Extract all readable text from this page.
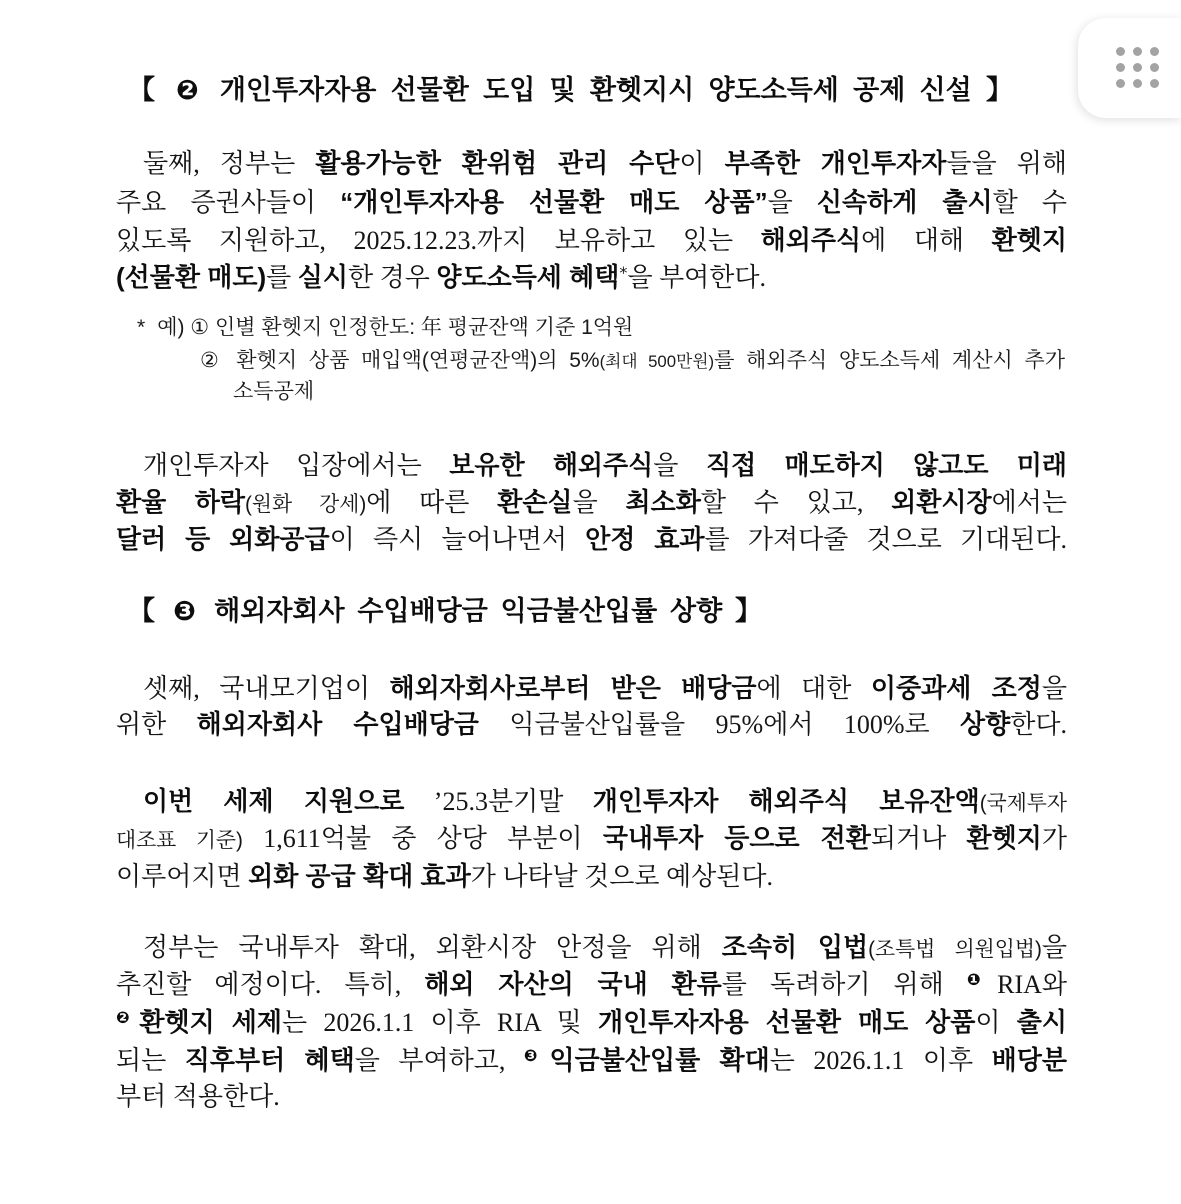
【 ❷ 개인투자자용 선물환 도입 및 환헷지시 양도소득세 공제 신설 】

둘째, 정부는 활용가능한 환위험 관리 수단이 부족한 개인투자자들을 위해

주요 증권사들이 “개인투자자용 선물환 매도 상품”을 신속하게 출시할 수

있도록 지원하고, 2025.12.23.까지 보유하고 있는 해외주식에 대해 환헷지

(선물환 매도)를 실시한 경우 양도소득세 혜택*을 부여한다.

* 예) ① 인별 환헷지 인정한도: 年 평균잔액 기준 1억원

② 환헷지 상품 매입액(연평균잔액)의 5%(최대 500만원)를 해외주식 양도소득세 계산시 추가

소득공제

개인투자자 입장에서는 보유한 해외주식을 직접 매도하지 않고도 미래

환율 하락(원화 강세)에 따른 환손실을 최소화할 수 있고, 외환시장에서는

달러 등 외화공급이 즉시 늘어나면서 안정 효과를 가져다줄 것으로 기대된다.

【 ❸ 해외자회사 수입배당금 익금불산입률 상향 】

셋째, 국내모기업이 해외자회사로부터 받은 배당금에 대한 이중과세 조정을

위한 해외자회사 수입배당금 익금불산입률을 95%에서 100%로 상향한다.

이번 세제 지원으로 ’25.3분기말 개인투자자 해외주식 보유잔액(국제투자

대조표 기준) 1,611억불 중 상당 부분이 국내투자 등으로 전환되거나 환헷지가

이루어지면 외화 공급 확대 효과가 나타날 것으로 예상된다.

정부는 국내투자 확대, 외환시장 안정을 위해 조속히 입법(조특법 의원입법)을

추진할 예정이다. 특히, 해외 자산의 국내 환류를 독려하기 위해 $^❶$RIA와

$^❷$환헷지 세제는 2026.1.1 이후 RIA 및 개인투자자용 선물환 매도 상품이 출시

되는 직후부터 혜택을 부여하고, $^❸$익금불산입률 확대는 2026.1.1 이후 배당분

부터 적용한다.
